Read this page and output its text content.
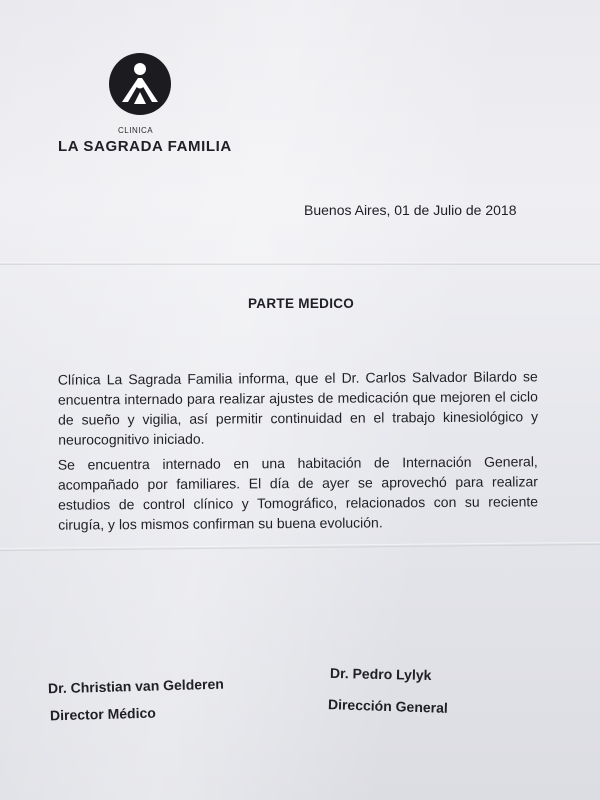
CLINICA
LA SAGRADA FAMILIA
Buenos Aires, 01 de Julio de 2018
PARTE MEDICO
Clínica La Sagrada Familia informa, que el Dr. Carlos Salvador Bilardo se encuentra internado para realizar ajustes de medicación que mejoren el ciclo de sueño y vigilia, así permitir continuidad en el trabajo kinesiológico y neurocognitivo iniciado.
Se encuentra internado en una habitación de Internación General, acompañado por familiares. El día de ayer se aprovechó para realizar estudios de control clínico y Tomográfico, relacionados con su reciente cirugía, y los mismos confirman su buena evolución.
Dr. Christian van Gelderen
Director Médico
Dr. Pedro Lylyk
Dirección General
